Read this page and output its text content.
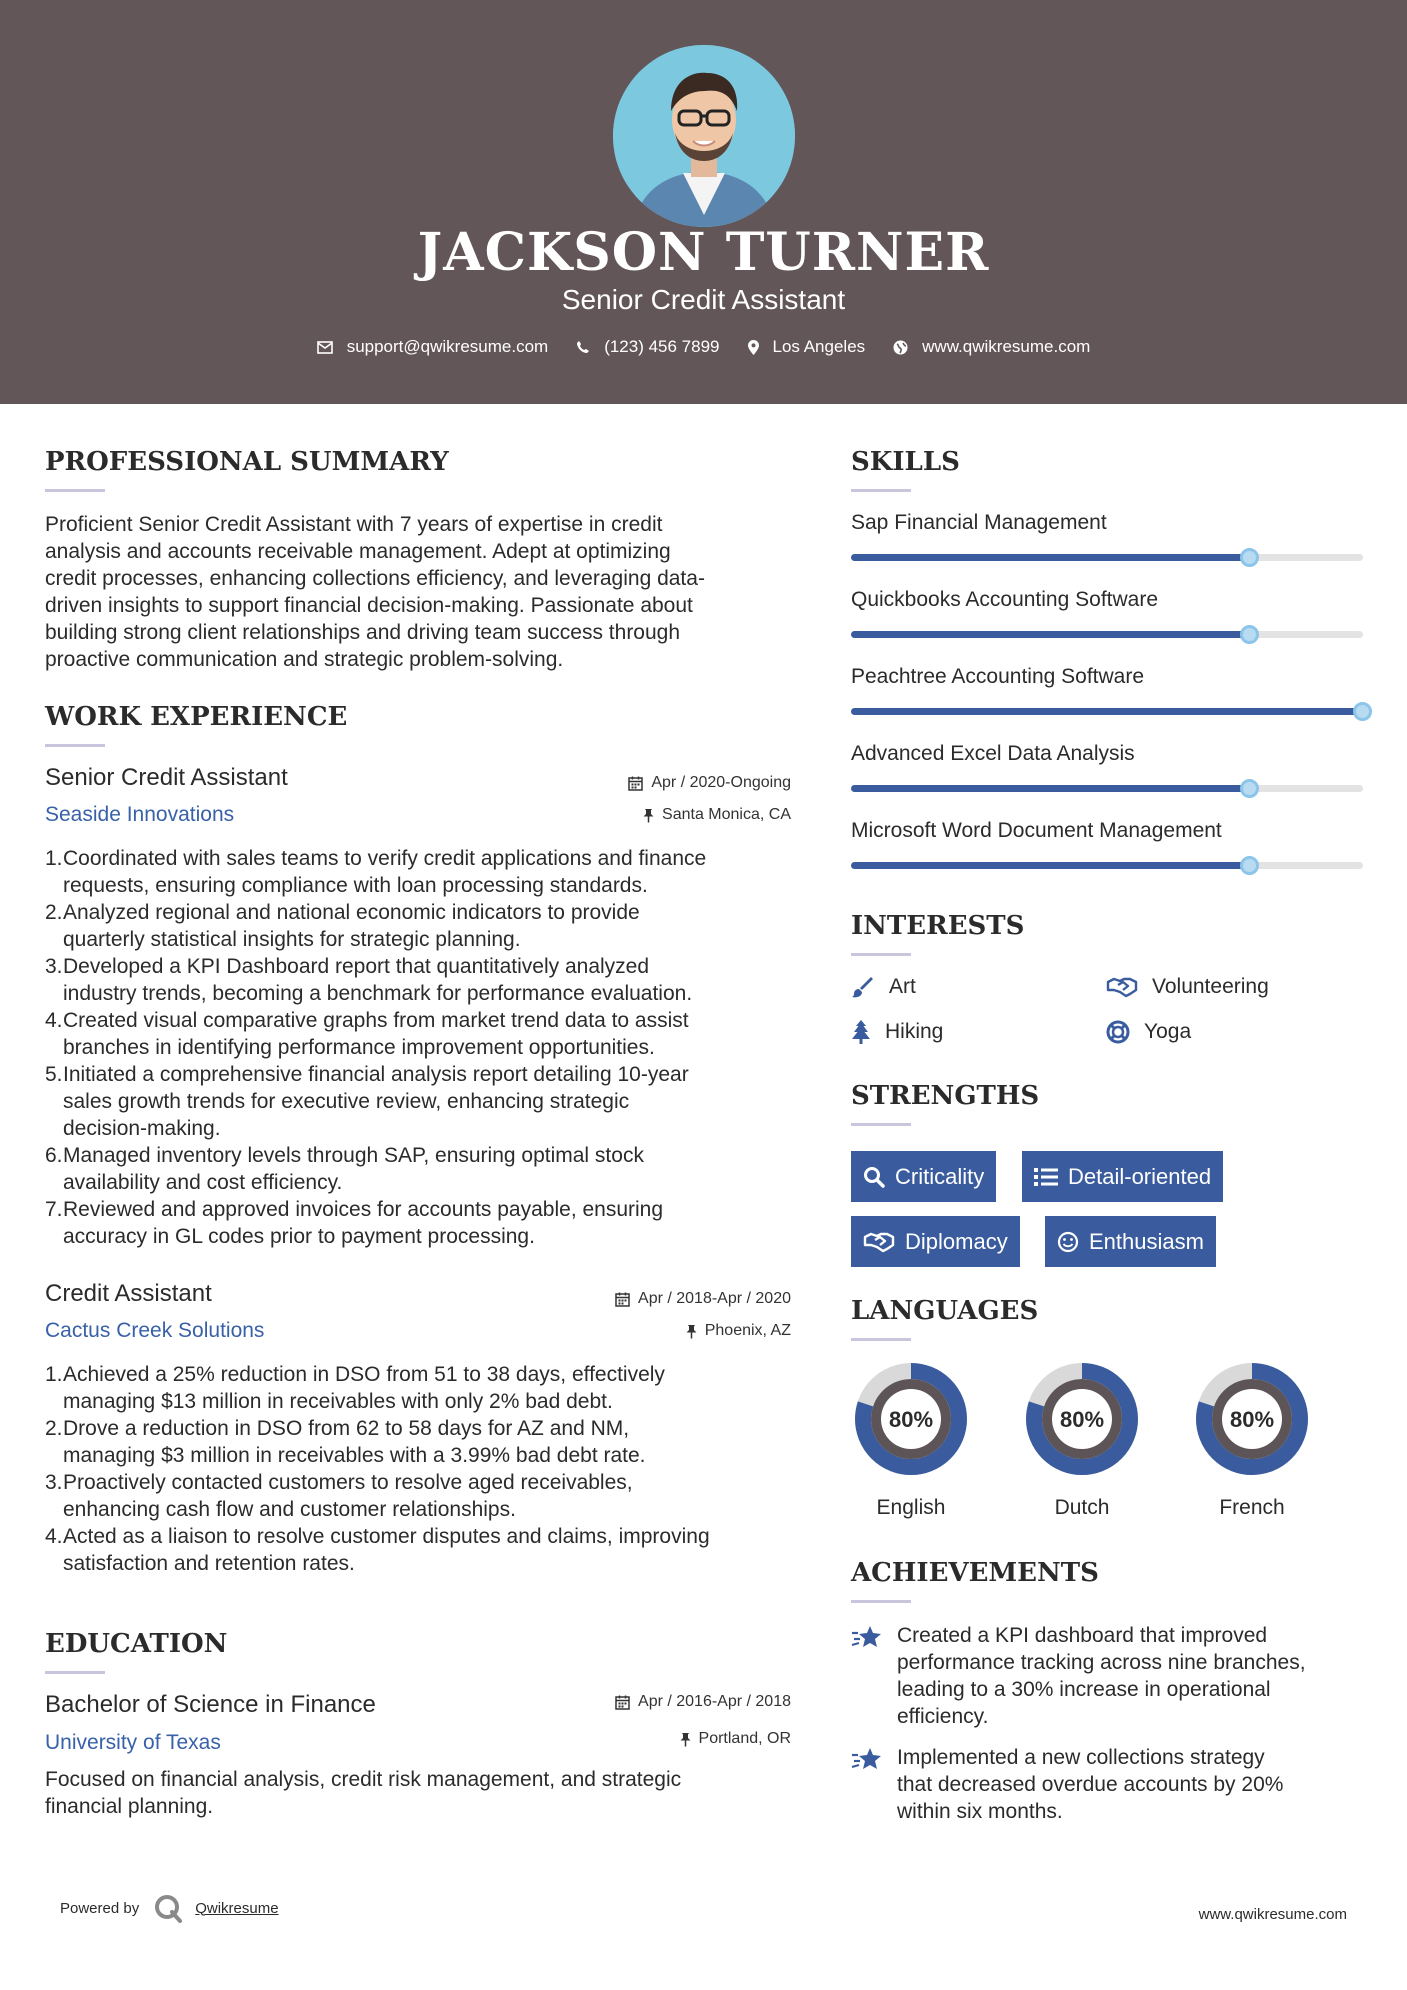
JACKSON TURNER
Senior Credit Assistant
support@qwikresume.com	(123) 456 7899	Los Angeles	www.qwikresume.com
PROFESSIONAL SUMMARY
Proficient Senior Credit Assistant with 7 years of expertise in credit
analysis and accounts receivable management. Adept at optimizing
credit processes, enhancing collections efficiency, and leveraging data-
driven insights to support financial decision-making. Passionate about
building strong client relationships and driving team success through
proactive communication and strategic problem-solving.
WORK EXPERIENCE
Senior Credit Assistant
Seaside Innovations
Apr / 2020-Ongoing
Santa Monica, CA
1. Coordinated with sales teams to verify credit applications and finance
requests, ensuring compliance with loan processing standards.
2. Analyzed regional and national economic indicators to provide
quarterly statistical insights for strategic planning.
3. Developed a KPI Dashboard report that quantitatively analyzed
industry trends, becoming a benchmark for performance evaluation.
4. Created visual comparative graphs from market trend data to assist
branches in identifying performance improvement opportunities.
5. Initiated a comprehensive financial analysis report detailing 10-year
sales growth trends for executive review, enhancing strategic
decision-making.
6. Managed inventory levels through SAP, ensuring optimal stock
availability and cost efficiency.
7. Reviewed and approved invoices for accounts payable, ensuring
accuracy in GL codes prior to payment processing.
Credit Assistant
Cactus Creek Solutions
Apr / 2018-Apr / 2020
Phoenix, AZ
1. Achieved a 25% reduction in DSO from 51 to 38 days, effectively
managing $13 million in receivables with only 2% bad debt.
2. Drove a reduction in DSO from 62 to 58 days for AZ and NM,
managing $3 million in receivables with a 3.99% bad debt rate.
3. Proactively contacted customers to resolve aged receivables,
enhancing cash flow and customer relationships.
4. Acted as a liaison to resolve customer disputes and claims, improving
satisfaction and retention rates.
EDUCATION
Bachelor of Science in Finance
University of Texas
Apr / 2016-Apr / 2018
Portland, OR
Focused on financial analysis, credit risk management, and strategic
financial planning.
SKILLS
Sap Financial Management
Quickbooks Accounting Software
Peachtree Accounting Software
Advanced Excel Data Analysis
Microsoft Word Document Management
INTERESTS
Art	Volunteering
Hiking	Yoga
STRENGTHS
Criticality	Detail-oriented
Diplomacy	Enthusiasm
LANGUAGES
80%
English
80%
Dutch
80%
French
ACHIEVEMENTS
Created a KPI dashboard that improved
performance tracking across nine branches,
leading to a 30% increase in operational
efficiency.
Implemented a new collections strategy
that decreased overdue accounts by 20%
within six months.
Powered by	Qwikresume	www.qwikresume.com
